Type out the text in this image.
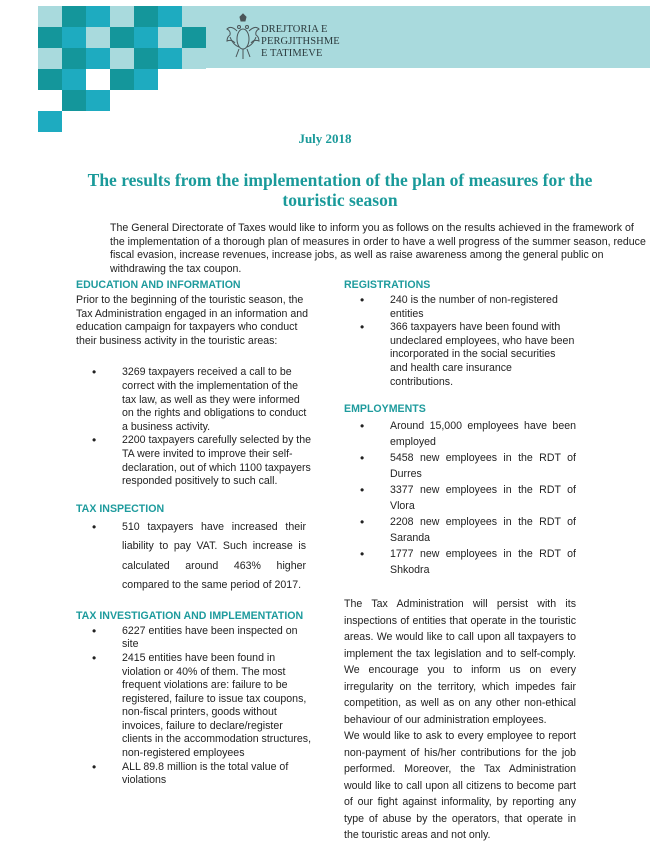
DREJTORIA E
PERGJITHSHME
E TATIMEVE
July 2018
The results from the implementation of the plan of measures for the touristic season
The General Directorate of Taxes would like to inform you as follows on the results achieved in the framework of the implementation of a thorough plan of measures in order to have a well progress of the summer season, reduce fiscal evasion, increase revenues, increase jobs, as well as raise awareness among the general public on withdrawing the tax coupon.
EDUCATION AND INFORMATION
Prior to the beginning of the touristic season, the Tax Administration engaged in an information and education campaign for taxpayers who conduct their business activity in the touristic areas:
• 3269 taxpayers received a call to be correct with the implementation of the tax law, as well as they were informed on the rights and obligations to conduct a business activity.
• 2200 taxpayers carefully selected by the TA were invited to improve their self-declaration, out of which 1100 taxpayers responded positively to such call.
TAX INSPECTION
• 510 taxpayers have increased their liability to pay VAT. Such increase is calculated around 463% higher compared to the same period of 2017.
TAX INVESTIGATION AND IMPLEMENTATION
• 6227 entities have been inspected on site
• 2415 entities have been found in violation or 40% of them. The most frequent violations are: failure to be registered, failure to issue tax coupons, non-fiscal printers, goods without invoices, failure to declare/register clients in the accommodation structures, non-registered employees
• ALL 89.8 million is the total value of violations
REGISTRATIONS
• 240 is the number of non-registered entities
• 366 taxpayers have been found with undeclared employees, who have been incorporated in the social securities and health care insurance contributions.
EMPLOYMENTS
• Around 15,000 employees have been employed
• 5458 new employees in the RDT of Durres
• 3377 new employees in the RDT of Vlora
• 2208 new employees in the RDT of Saranda
• 1777 new employees in the RDT of Shkodra
The Tax Administration will persist with its inspections of entities that operate in the touristic areas. We would like to call upon all taxpayers to implement the tax legislation and to self-comply. We encourage you to inform us on every irregularity on the territory, which impedes fair competition, as well as on any other non-ethical behaviour of our administration employees.
We would like to ask to every employee to report non-payment of his/her contributions for the job performed. Moreover, the Tax Administration would like to call upon all citizens to become part of our fight against informality, by reporting any type of abuse by the operators, that operate in the touristic areas and not only.
